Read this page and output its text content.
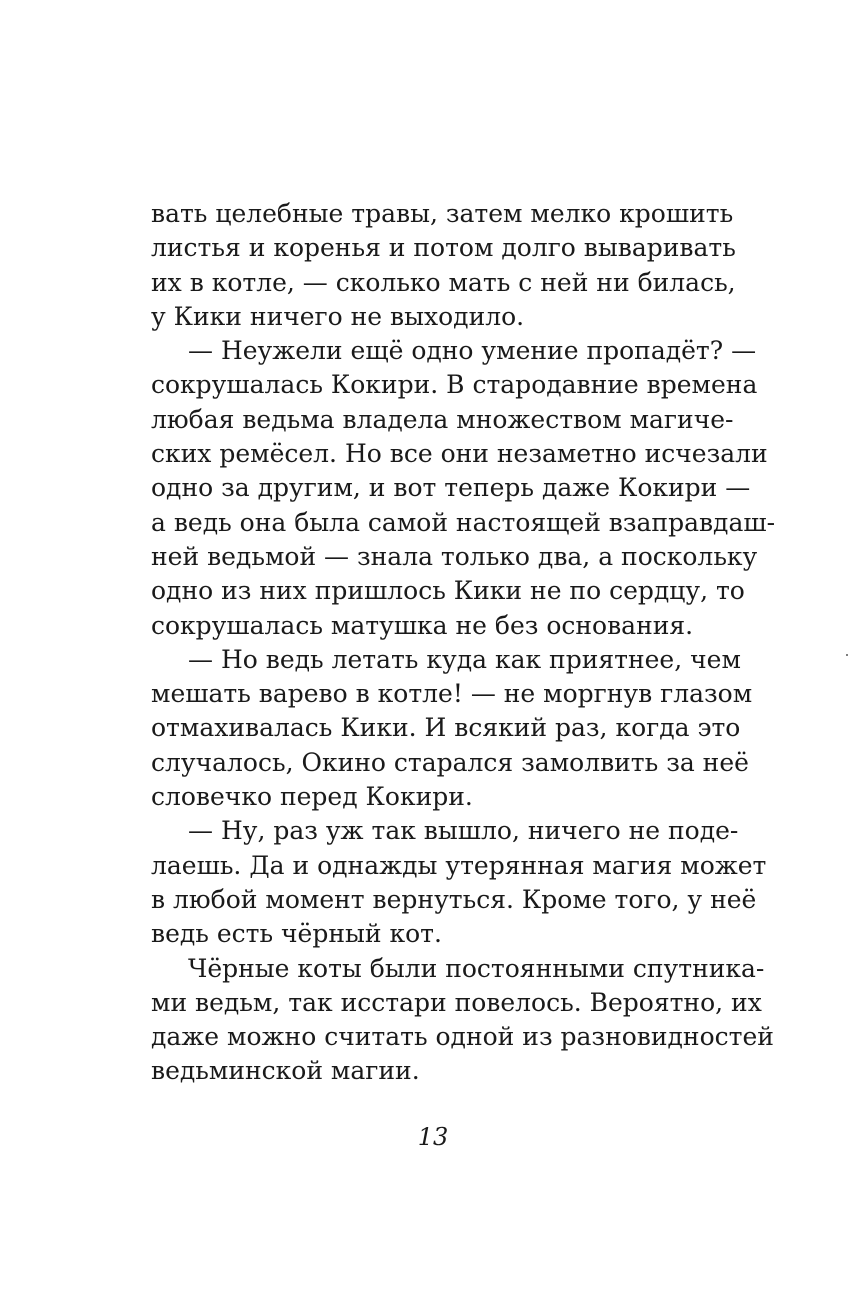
вать целебные травы, затем мелко крошить
листья и коренья и потом долго вываривать
их в котле, — сколько мать с ней ни билась,
у Кики ничего не выходило.
— Неужели ещё одно умение пропадёт? —
сокрушалась Кокири. В стародавние времена
любая ведьма владела множеством магиче-
ских ремёсел. Но все они незаметно исчезали
одно за другим, и вот теперь даже Кокири —
а ведь она была самой настоящей взаправдаш-
ней ведьмой — знала только два, а поскольку
одно из них пришлось Кики не по сердцу, то
сокрушалась матушка не без основания.
— Но ведь летать куда как приятнее, чем
мешать варево в котле! — не моргнув глазом
отмахивалась Кики. И всякий раз, когда это
случалось, Окино старался замолвить за неё
словечко перед Кокири.
— Ну, раз уж так вышло, ничего не поде-
лаешь. Да и однажды утерянная магия может
в любой момент вернуться. Кроме того, у неё
ведь есть чёрный кот.
Чёрные коты были постоянными спутника-
ми ведьм, так исстари повелось. Вероятно, их
даже можно считать одной из разновидностей
ведьминской магии.
13
